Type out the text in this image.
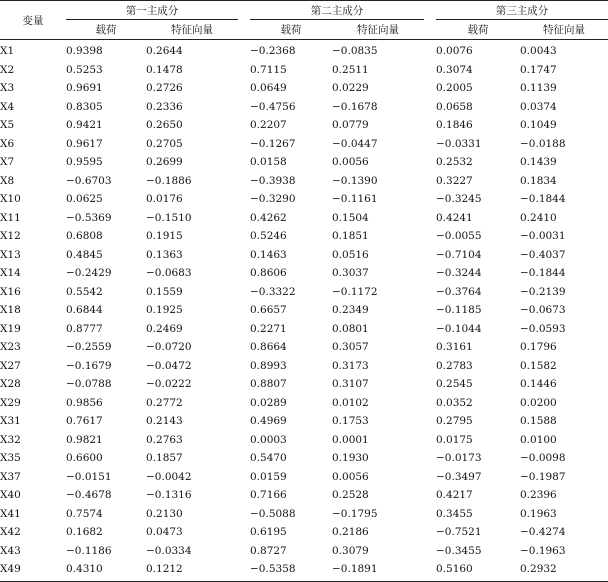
变量	第一主成分			第二主成分			第三主成分	
	载荷	特征向量		载荷	特征向量		载荷	特征向量
X1	0.9398	0.2644		−0.2368	−0.0835		0.0076	0.0043
X2	0.5253	0.1478		0.7115	0.2511		0.3074	0.1747
X3	0.9691	0.2726		0.0649	0.0229		0.2005	0.1139
X4	0.8305	0.2336		−0.4756	−0.1678		0.0658	0.0374
X5	0.9421	0.2650		0.2207	0.0779		0.1846	0.1049
X6	0.9617	0.2705		−0.1267	−0.0447		−0.0331	−0.0188
X7	0.9595	0.2699		0.0158	0.0056		0.2532	0.1439
X8	−0.6703	−0.1886		−0.3938	−0.1390		0.3227	0.1834
X10	0.0625	0.0176		−0.3290	−0.1161		−0.3245	−0.1844
X11	−0.5369	−0.1510		0.4262	0.1504		0.4241	0.2410
X12	0.6808	0.1915		0.5246	0.1851		−0.0055	−0.0031
X13	0.4845	0.1363		0.1463	0.0516		−0.7104	−0.4037
X14	−0.2429	−0.0683		0.8606	0.3037		−0.3244	−0.1844
X16	0.5542	0.1559		−0.3322	−0.1172		−0.3764	−0.2139
X18	0.6844	0.1925		0.6657	0.2349		−0.1185	−0.0673
X19	0.8777	0.2469		0.2271	0.0801		−0.1044	−0.0593
X23	−0.2559	−0.0720		0.8664	0.3057		0.3161	0.1796
X27	−0.1679	−0.0472		0.8993	0.3173		0.2783	0.1582
X28	−0.0788	−0.0222		0.8807	0.3107		0.2545	0.1446
X29	0.9856	0.2772		0.0289	0.0102		0.0352	0.0200
X31	0.7617	0.2143		0.4969	0.1753		0.2795	0.1588
X32	0.9821	0.2763		0.0003	0.0001		0.0175	0.0100
X35	0.6600	0.1857		0.5470	0.1930		−0.0173	−0.0098
X37	−0.0151	−0.0042		0.0159	0.0056		−0.3497	−0.1987
X40	−0.4678	−0.1316		0.7166	0.2528		0.4217	0.2396
X41	0.7574	0.2130		−0.5088	−0.1795		0.3455	0.1963
X42	0.1682	0.0473		0.6195	0.2186		−0.7521	−0.4274
X43	−0.1186	−0.0334		0.8727	0.3079		−0.3455	−0.1963
X49	0.4310	0.1212		−0.5358	−0.1891		0.5160	0.2932
